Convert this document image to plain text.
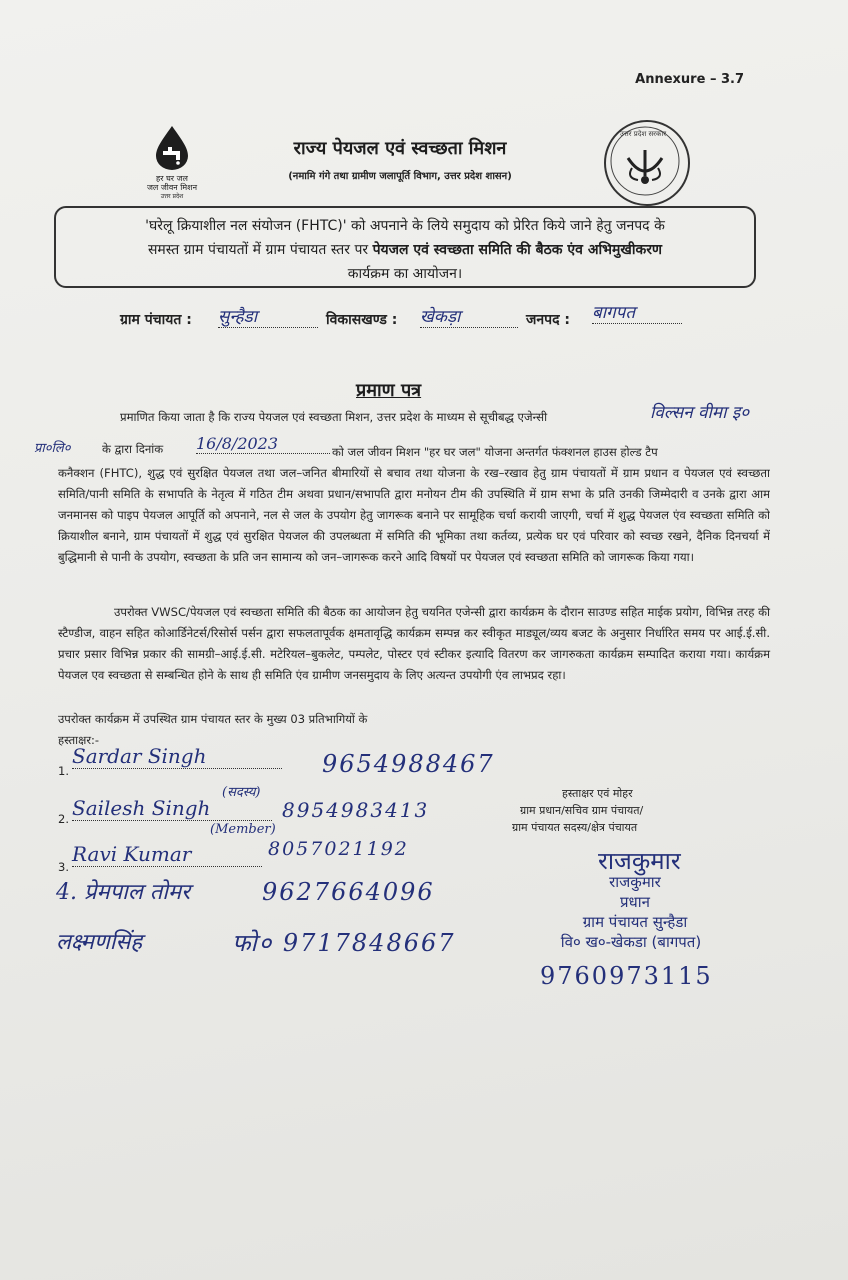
Annexure – 3.7
हर घर जल
जल जीवन मिशन
उत्तर प्रदेश
उत्तर प्रदेश सरकार
राज्य पेयजल एवं स्वच्छता मिशन
(नमामि गंगे तथा ग्रामीण जलापूर्ति विभाग, उत्तर प्रदेश शासन)
'घरेलू क्रियाशील नल संयोजन (FHTC)' को अपनाने के लिये समुदाय को प्रेरित किये जाने हेतु जनपद के
समस्त ग्राम पंचायतों में ग्राम पंचायत स्तर पर पेयजल एवं स्वच्छता समिति की बैठक एंव अभिमुखीकरण
कार्यक्रम का आयोजन।
ग्राम पंचायत : सुन्हैडा	विकासखण्ड : खेकड़ा	जनपद : बागपत
प्रमाण पत्र
प्रमाणित किया जाता है कि राज्य पेयजल एवं स्वच्छता मिशन, उत्तर प्रदेश के माध्यम से सूचीबद्ध एजेन्सी	विल्सन वीमा इ०
प्रा०लि०	के द्वारा दिनांक 16/8/2023	को जल जीवन मिशन "हर घर जल" योजना अन्तर्गत फंक्शनल हाउस होल्ड टैप
कनैक्शन (FHTC), शुद्ध एवं सुरक्षित पेयजल तथा जल–जनित बीमारियों से बचाव तथा योजना के रख–रखाव हेतु ग्राम पंचायतों में ग्राम प्रधान व पेयजल एवं स्वच्छता समिति/पानी समिति के सभापति के नेतृत्व में गठित टीम अथवा प्रधान/सभापति द्वारा मनोयन टीम की उपस्थिति में ग्राम सभा के प्रति उनकी जिम्मेदारी व उनके द्वारा आम जनमानस को पाइप पेयजल आपूर्ति को अपनाने, नल से जल के उपयोग हेतु जागरूक बनाने पर सामूहिक चर्चा करायी जाएगी, चर्चा में शुद्ध पेयजल एंव स्वच्छता समिति को क्रियाशील बनाने, ग्राम पंचायतों में शुद्ध एवं सुरक्षित पेयजल की उपलब्धता में समिति की भूमिका तथा कर्तव्य, प्रत्येक घर एवं परिवार को स्वच्छ रखने, दैनिक दिनचर्या में बुद्धिमानी से पानी के उपयोग, स्वच्छता के प्रति जन सामान्य को जन–जागरूक करने आदि विषयों पर पेयजल एवं स्वच्छता समिति को जागरूक किया गया।
उपरोक्त VWSC/पेयजल एवं स्वच्छता समिति की बैठक का आयोजन हेतु चयनित एजेन्सी द्वारा कार्यक्रम के दौरान साउण्ड सहित माईक प्रयोग, विभिन्न तरह की स्टैण्डीज, वाहन सहित कोआर्डिनेटर्स/रिसोर्स पर्सन द्वारा सफलतापूर्वक क्षमतावृद्धि कार्यक्रम सम्पन्न कर स्वीकृत माड्यूल/व्यय बजट के अनुसार निर्धारित समय पर आई.ई.सी. प्रचार प्रसार विभिन्न प्रकार की सामग्री–आई.ई.सी. मटेरियल–बुकलेट, पम्पलेट, पोस्टर एवं स्टीकर इत्यादि वितरण कर जागरुकता कार्यक्रम सम्पादित कराया गया। कार्यक्रम पेयजल एव स्वच्छता से सम्बन्धित होने के साथ ही समिति एंव ग्रामीण जनसमुदाय के लिए अत्यन्त उपयोगी एंव लाभप्रद रहा।
उपरोक्त कार्यक्रम में उपस्थित ग्राम पंचायत स्तर के मुख्य 03 प्रतिभागियों के
हस्ताक्षर:-
1.
Sardar Singh	9654988467
2. Sailesh Singh
(सदस्य)
8954983413
3.
Ravi Kumar
(Member)
8057021192
4. प्रेमपाल तोमर	9627664096
लक्ष्मणसिंह	फो० 9717848667
हस्ताक्षर एवं मोहर
ग्राम प्रधान/सचिव ग्राम पंचायत/
ग्राम पंचायत सदस्य/क्षेत्र पंचायत
राजकुमार
राजकुमार
प्रधान
ग्राम पंचायत सुन्हैडा
वि० ख०-खेकडा (बागपत)
9760973115
